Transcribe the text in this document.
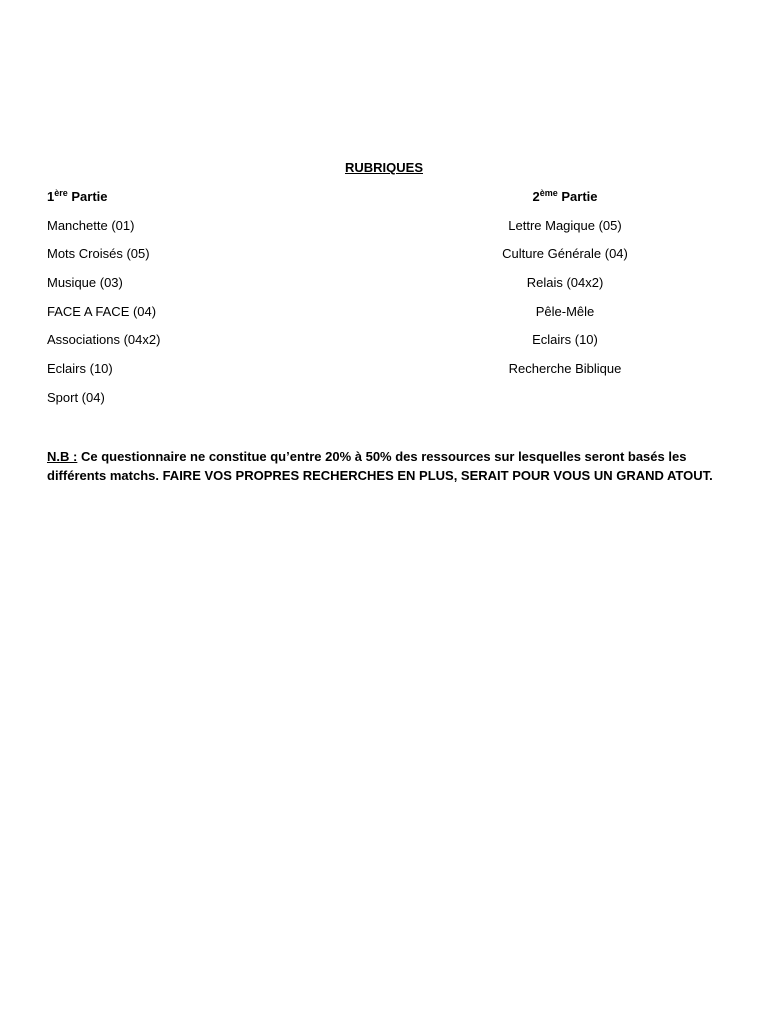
RUBRIQUES
1ère Partie
Manchette (01)
Mots Croisés (05)
Musique (03)
FACE A FACE (04)
Associations (04x2)
Eclairs (10)
Sport (04)
2ème Partie
Lettre Magique (05)
Culture Générale (04)
Relais (04x2)
Pêle-Mêle
Eclairs (10)
Recherche Biblique
N.B : Ce questionnaire ne constitue qu’entre 20% à 50% des ressources sur lesquelles seront basés les différents matchs. FAIRE VOS PROPRES RECHERCHES EN PLUS, SERAIT POUR VOUS UN GRAND ATOUT.
